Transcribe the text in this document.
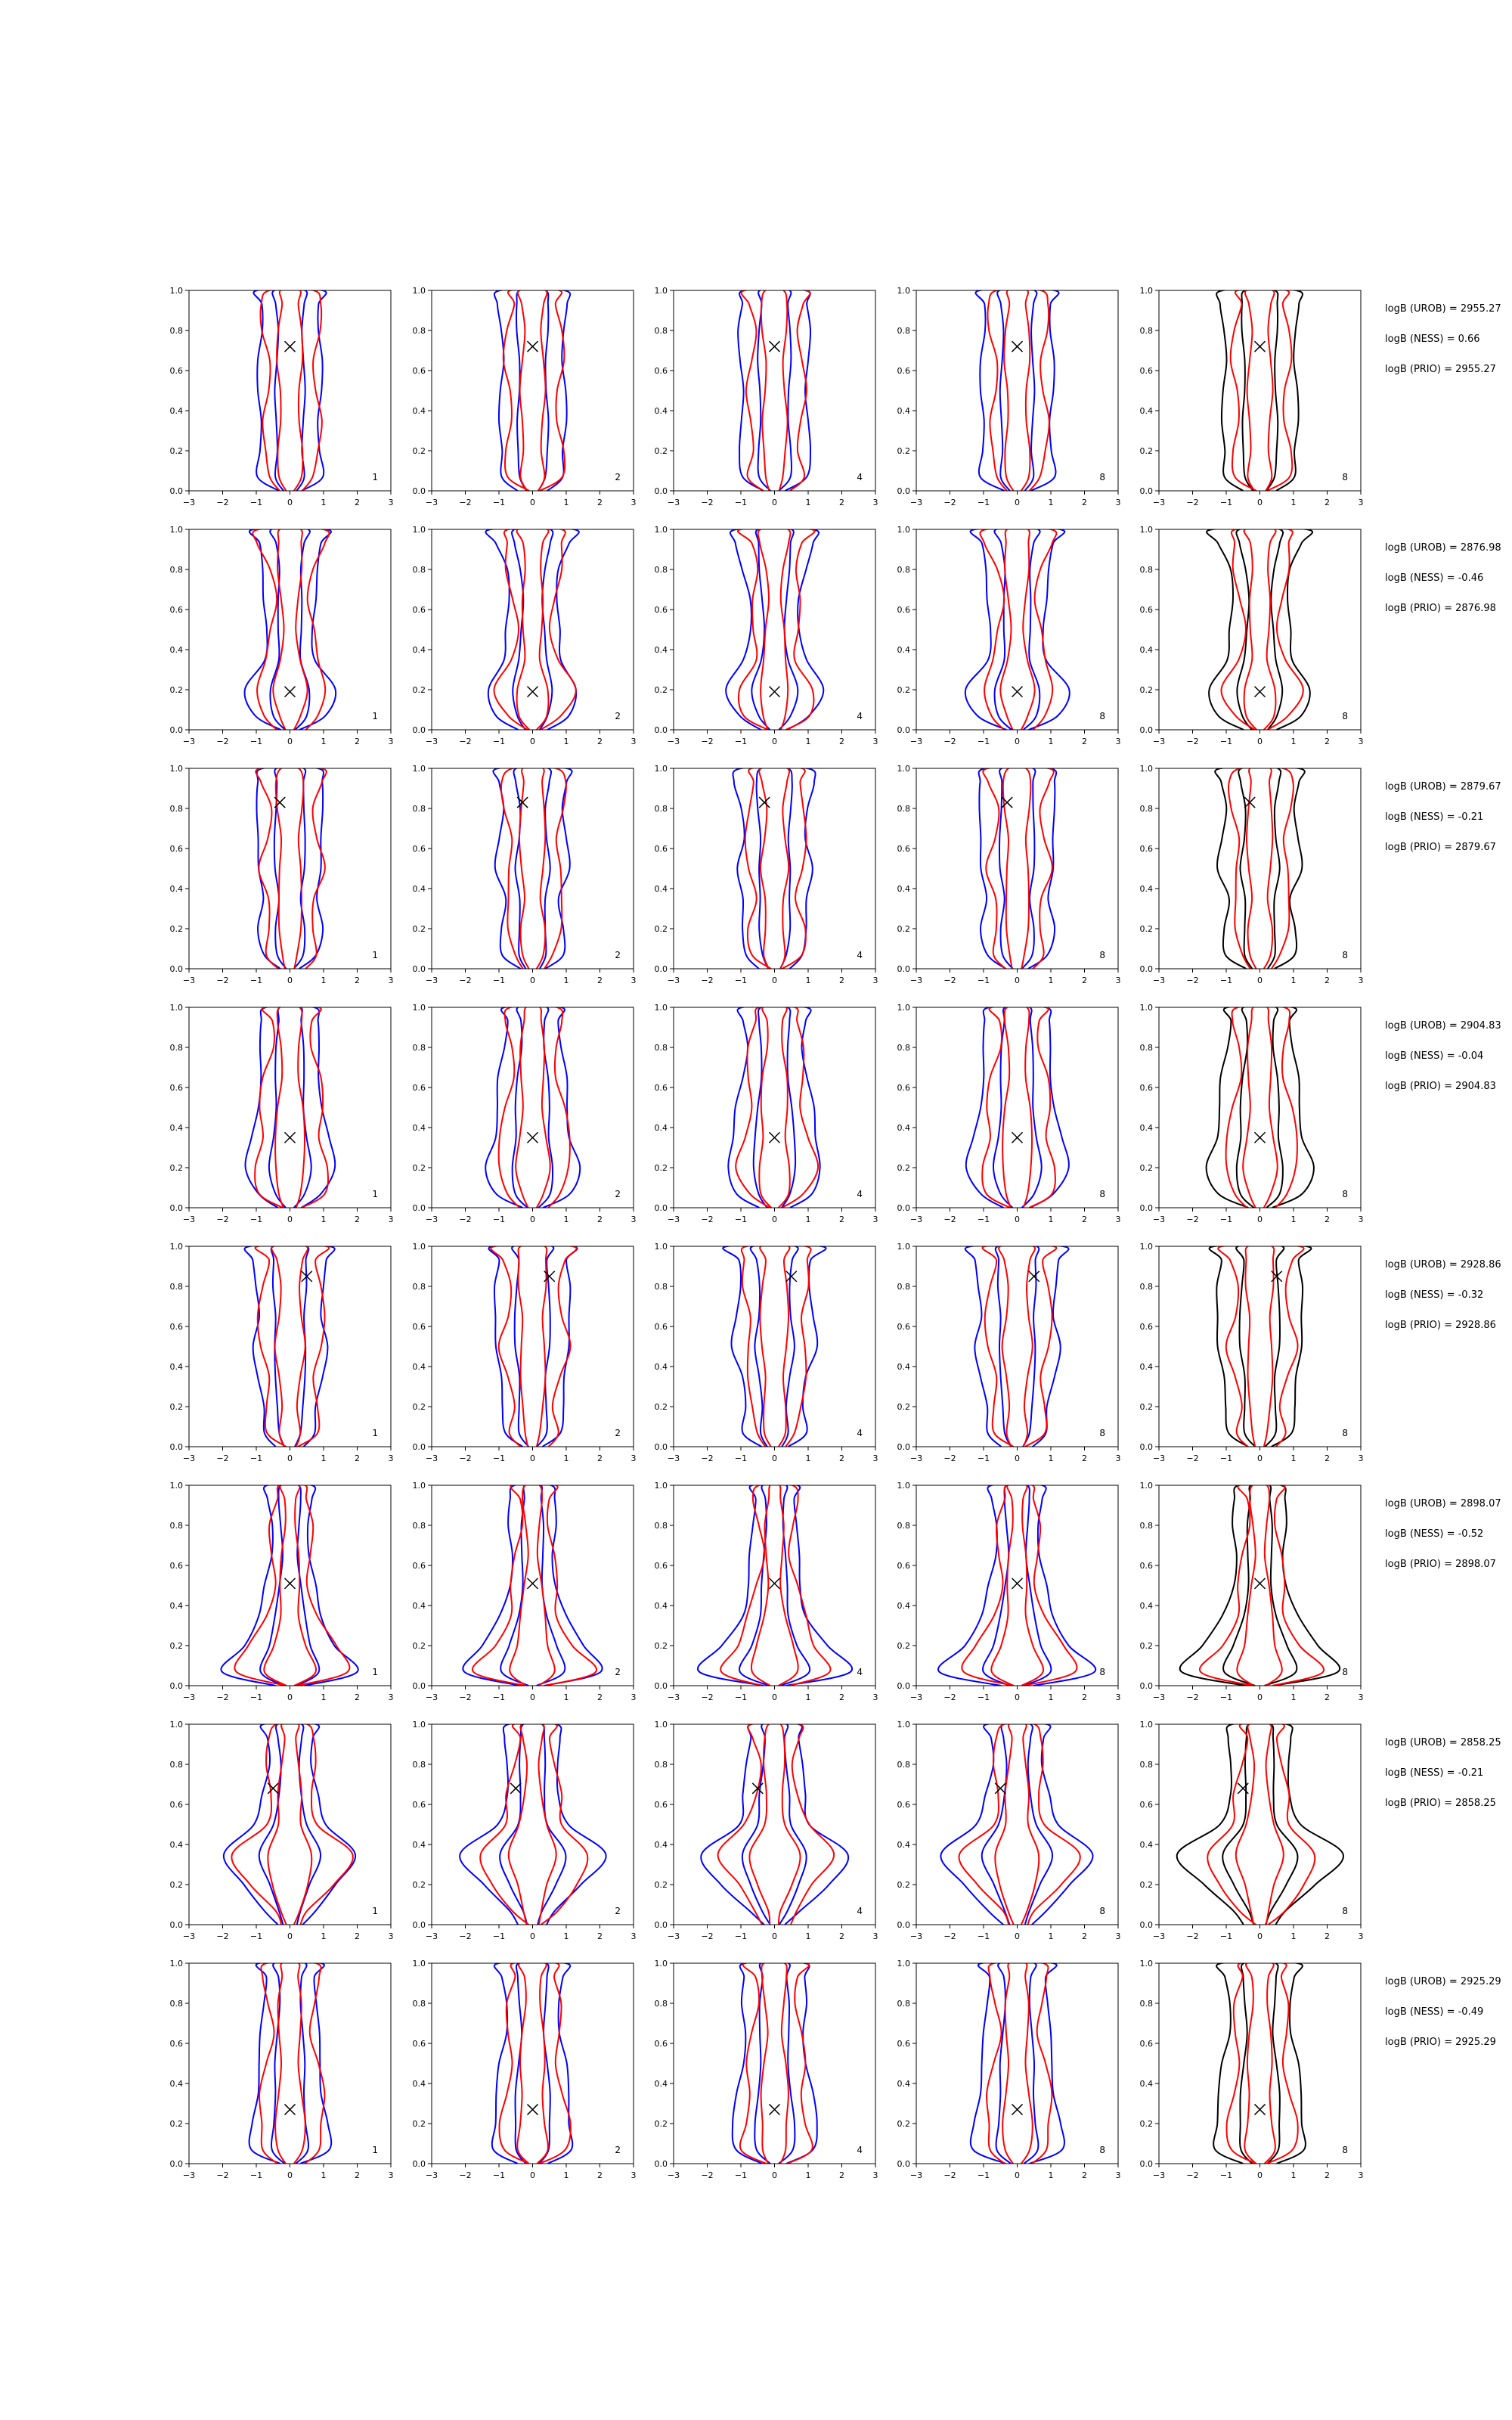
−3	−2	−1	0	1	2	3
0.0
0.2
0.4
0.6
0.8
1.0
1
−3	−2	−1	0	1	2	3
0.0
0.2
0.4
0.6
0.8
1.0
2
−3	−2	−1	0	1	2	3
0.0
0.2
0.4
0.6
0.8
1.0
4
−3	−2	−1	0	1	2	3
0.0
0.2
0.4
0.6
0.8
1.0
8
−3	−2	−1	0	1	2	3
0.0
0.2
0.4
0.6
0.8
1.0
8
logB (UROB) = 2955.27
logB (NESS) = 0.66
logB (PRIO) = 2955.27
−3	−2	−1	0	1	2	3
0.0
0.2
0.4
0.6
0.8
1.0
1
−3	−2	−1	0	1	2	3
0.0
0.2
0.4
0.6
0.8
1.0
2
−3	−2	−1	0	1	2	3
0.0
0.2
0.4
0.6
0.8
1.0
4
−3	−2	−1	0	1	2	3
0.0
0.2
0.4
0.6
0.8
1.0
8
−3	−2	−1	0	1	2	3
0.0
0.2
0.4
0.6
0.8
1.0
8
logB (UROB) = 2876.98
logB (NESS) = -0.46
logB (PRIO) = 2876.98
−3	−2	−1	0	1	2	3
0.0
0.2
0.4
0.6
0.8
1.0
1
−3	−2	−1	0	1	2	3
0.0
0.2
0.4
0.6
0.8
1.0
2
−3	−2	−1	0	1	2	3
0.0
0.2
0.4
0.6
0.8
1.0
4
−3	−2	−1	0	1	2	3
0.0
0.2
0.4
0.6
0.8
1.0
8
−3	−2	−1	0	1	2	3
0.0
0.2
0.4
0.6
0.8
1.0
8
logB (UROB) = 2879.67
logB (NESS) = -0.21
logB (PRIO) = 2879.67
−3	−2	−1	0	1	2	3
0.0
0.2
0.4
0.6
0.8
1.0
1
−3	−2	−1	0	1	2	3
0.0
0.2
0.4
0.6
0.8
1.0
2
−3	−2	−1	0	1	2	3
0.0
0.2
0.4
0.6
0.8
1.0
4
−3	−2	−1	0	1	2	3
0.0
0.2
0.4
0.6
0.8
1.0
8
−3	−2	−1	0	1	2	3
0.0
0.2
0.4
0.6
0.8
1.0
8
logB (UROB) = 2904.83
logB (NESS) = -0.04
logB (PRIO) = 2904.83
−3	−2	−1	0	1	2	3
0.0
0.2
0.4
0.6
0.8
1.0
1
−3	−2	−1	0	1	2	3
0.0
0.2
0.4
0.6
0.8
1.0
2
−3	−2	−1	0	1	2	3
0.0
0.2
0.4
0.6
0.8
1.0
4
−3	−2	−1	0	1	2	3
0.0
0.2
0.4
0.6
0.8
1.0
8
−3	−2	−1	0	1	2	3
0.0
0.2
0.4
0.6
0.8
1.0
8
logB (UROB) = 2928.86
logB (NESS) = -0.32
logB (PRIO) = 2928.86
−3	−2	−1	0	1	2	3
0.0
0.2
0.4
0.6
0.8
1.0
1
−3	−2	−1	0	1	2	3
0.0
0.2
0.4
0.6
0.8
1.0
2
−3	−2	−1	0	1	2	3
0.0
0.2
0.4
0.6
0.8
1.0
4
−3	−2	−1	0	1	2	3
0.0
0.2
0.4
0.6
0.8
1.0
8
−3	−2	−1	0	1	2	3
0.0
0.2
0.4
0.6
0.8
1.0
8
logB (UROB) = 2898.07
logB (NESS) = -0.52
logB (PRIO) = 2898.07
−3	−2	−1	0	1	2	3
0.0
0.2
0.4
0.6
0.8
1.0
1
−3	−2	−1	0	1	2	3
0.0
0.2
0.4
0.6
0.8
1.0
2
−3	−2	−1	0	1	2	3
0.0
0.2
0.4
0.6
0.8
1.0
4
−3	−2	−1	0	1	2	3
0.0
0.2
0.4
0.6
0.8
1.0
8
−3	−2	−1	0	1	2	3
0.0
0.2
0.4
0.6
0.8
1.0
8
logB (UROB) = 2858.25
logB (NESS) = -0.21
logB (PRIO) = 2858.25
−3	−2	−1	0	1	2	3
0.0
0.2
0.4
0.6
0.8
1.0
1
−3	−2	−1	0	1	2	3
0.0
0.2
0.4
0.6
0.8
1.0
2
−3	−2	−1	0	1	2	3
0.0
0.2
0.4
0.6
0.8
1.0
4
−3	−2	−1	0	1	2	3
0.0
0.2
0.4
0.6
0.8
1.0
8
−3	−2	−1	0	1	2	3
0.0
0.2
0.4
0.6
0.8
1.0
8
logB (UROB) = 2925.29
logB (NESS) = -0.49
logB (PRIO) = 2925.29
